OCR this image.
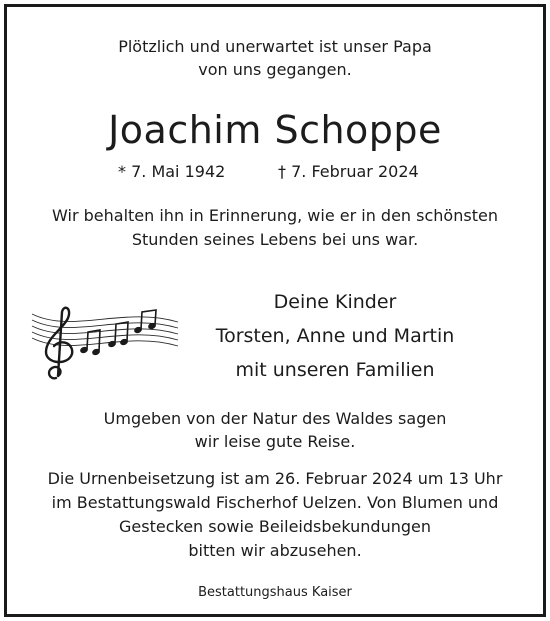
Plötzlich und unerwartet ist unser Papa
von uns gegangen.
Joachim Schoppe
* 7. Mai 1942	† 7. Februar 2024
Wir behalten ihn in Erinnerung, wie er in den schönsten
Stunden seines Lebens bei uns war.
Deine Kinder
Torsten, Anne und Martin
mit unseren Familien
Umgeben von der Natur des Waldes sagen
wir leise gute Reise.
Die Urnenbeisetzung ist am 26. Februar 2024 um 13 Uhr
im Bestattungswald Fischerhof Uelzen. Von Blumen und
Gestecken sowie Beileidsbekundungen
bitten wir abzusehen.
Bestattungshaus Kaiser
